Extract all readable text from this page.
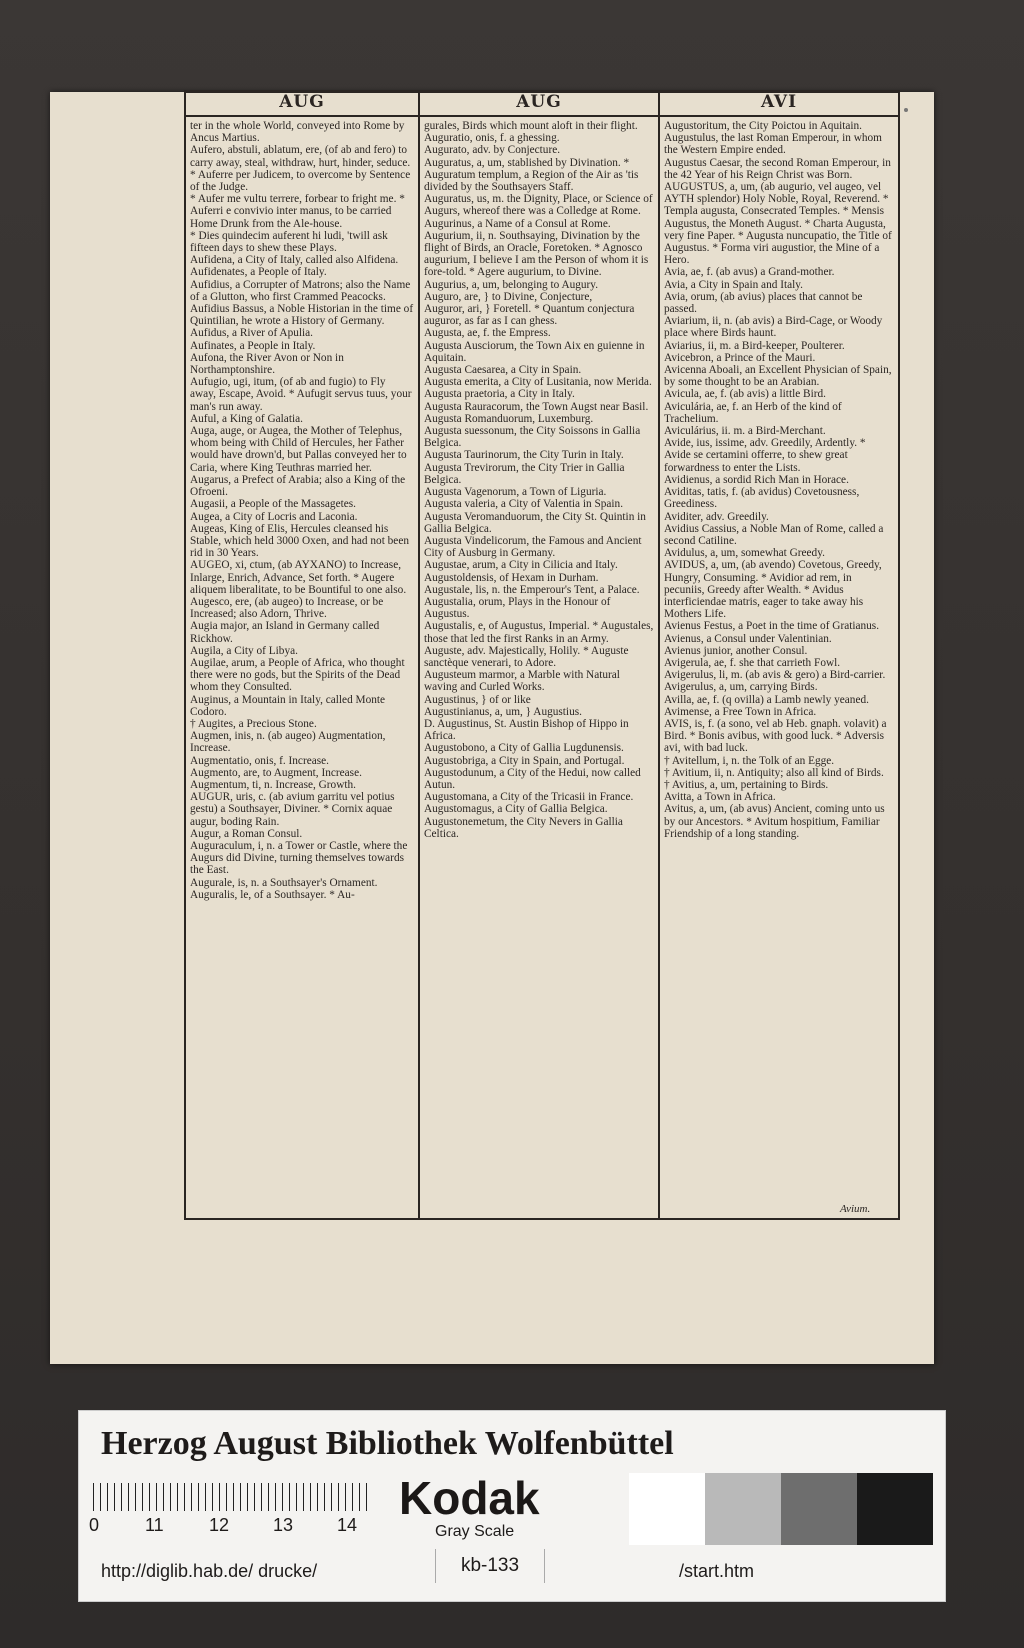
AUG	AUG	AVI

ter in the whole World, conveyed into Rome by Ancus Martius.

Aufero, abstuli, ablatum, ere, (of ab and fero) to carry away, steal, withdraw, hurt, hinder, seduce.

* Auferre per Judicem, to overcome by Sentence of the Judge.

* Aufer me vultu terrere, forbear to fright me. * Auferri e convivio inter manus, to be carried Home Drunk from the Ale-house.

* Dies quindecim auferent hi ludi, 'twill ask fifteen days to shew these Plays.

Aufidena, a City of Italy, called also Alfidena.

Aufidenates, a People of Italy.

Aufidius, a Corrupter of Matrons; also the Name of a Glutton, who first Crammed Peacocks.

Aufidius Bassus, a Noble Historian in the time of Quintilian, he wrote a History of Germany.

Aufidus, a River of Apulia.

Aufinates, a People in Italy.

Aufona, the River Avon or Non in Northamptonshire.

Aufugio, ugi, itum, (of ab and fugio) to Fly away, Escape, Avoid. * Aufugit servus tuus, your man's run away.

Auful, a King of Galatia.

Auga, auge, or Augea, the Mother of Telephus, whom being with Child of Hercules, her Father would have drown'd, but Pallas conveyed her to Caria, where King Teuthras married her.

Augarus, a Prefect of Arabia; also a King of the Ofroeni.

Augasii, a People of the Massagetes.

Augea, a City of Locris and Laconia.

Augeas, King of Elis, Hercules cleansed his Stable, which held 3000 Oxen, and had not been rid in 30 Years.

AUGEO, xi, ctum, (ab AYXANO) to Increase, Inlarge, Enrich, Advance, Set forth. * Augere aliquem liberalitate, to be Bountiful to one also.

Augesco, ere, (ab augeo) to Increase, or be Increased; also Adorn, Thrive.

Augia major, an Island in Germany called Rickhow.

Augila, a City of Libya.

Augilae, arum, a People of Africa, who thought there were no gods, but the Spirits of the Dead whom they Consulted.

Auginus, a Mountain in Italy, called Monte Codoro.

† Augites, a Precious Stone.

Augmen, inis, n. (ab augeo) Augmentation, Increase.

Augmentatio, onis, f. Increase.

Augmento, are, to Augment, Increase.

Augmentum, ti, n. Increase, Growth.

AUGUR, uris, c. (ab avium garritu vel potius gestu) a Southsayer, Diviner. * Cornix aquae augur, boding Rain.

Augur, a Roman Consul.

Auguraculum, i, n. a Tower or Castle, where the Augurs did Divine, turning themselves towards the East.

Augurale, is, n. a Southsayer's Ornament.

Auguralis, le, of a Southsayer. * Au-

gurales, Birds which mount aloft in their flight.

Auguratio, onis, f. a ghessing.

Augurato, adv. by Conjecture.

Auguratus, a, um, stablished by Divination. * Auguratum templum, a Region of the Air as 'tis divided by the Southsayers Staff.

Auguratus, us, m. the Dignity, Place, or Science of Augurs, whereof there was a Colledge at Rome.

Augurinus, a Name of a Consul at Rome.

Augurium, ii, n. Southsaying, Divination by the flight of Birds, an Oracle, Foretoken. * Agnosco augurium, I believe I am the Person of whom it is fore-told. * Agere augurium, to Divine.

Augurius, a, um, belonging to Augury.

Auguro, are, } to Divine, Conjecture,

Auguror, ari, } Foretell. * Quantum conjectura auguror, as far as I can ghess.

Augusta, ae, f. the Empress.

Augusta Ausciorum, the Town Aix en guienne in Aquitain.

Augusta Caesarea, a City in Spain.

Augusta emerita, a City of Lusitania, now Merida.

Augusta praetoria, a City in Italy.

Augusta Rauracorum, the Town Augst near Basil.

Augusta Romanduorum, Luxemburg.

Augusta suessonum, the City Soissons in Gallia Belgica.

Augusta Taurinorum, the City Turin in Italy.

Augusta Trevirorum, the City Trier in Gallia Belgica.

Augusta Vagenorum, a Town of Liguria.

Augusta valeria, a City of Valentia in Spain.

Augusta Veromanduorum, the City St. Quintin in Gallia Belgica.

Augusta Vindelicorum, the Famous and Ancient City of Ausburg in Germany.

Augustae, arum, a City in Cilicia and Italy.

Augustoldensis, of Hexam in Durham.

Augustale, lis, n. the Emperour's Tent, a Palace.

Augustalia, orum, Plays in the Honour of Augustus.

Augustalis, e, of Augustus, Imperial. * Augustales, those that led the first Ranks in an Army.

Auguste, adv. Majestically, Holily. * Auguste sanctèque venerari, to Adore.

Augusteum marmor, a Marble with Natural waving and Curled Works.

Augustinus, } of or like

Augustinianus, a, um, } Augustius.

D. Augustinus, St. Austin Bishop of Hippo in Africa.

Augustobono, a City of Gallia Lugdunensis.

Augustobriga, a City in Spain, and Portugal.

Augustodunum, a City of the Hedui, now called Autun.

Augustomana, a City of the Tricasii in France.

Augustomagus, a City of Gallia Belgica.

Augustonemetum, the City Nevers in Gallia Celtica.

Augustoritum, the City Poictou in Aquitain.

Augustulus, the last Roman Emperour, in whom the Western Empire ended.

Augustus Caesar, the second Roman Emperour, in the 42 Year of his Reign Christ was Born.

AUGUSTUS, a, um, (ab augurio, vel augeo, vel AYTH splendor) Holy Noble, Royal, Reverend. * Templa augusta, Consecrated Temples. * Mensis Augustus, the Moneth August. * Charta Augusta, very fine Paper. * Augusta nuncupatio, the Title of Augustus. * Forma viri augustior, the Mine of a Hero.

Avia, ae, f. (ab avus) a Grand-mother.

Avia, a City in Spain and Italy.

Avia, orum, (ab avius) places that cannot be passed.

Aviarium, ii, n. (ab avis) a Bird-Cage, or Woody place where Birds haunt.

Aviarius, ii, m. a Bird-keeper, Poulterer.

Avicebron, a Prince of the Mauri.

Avicenna Aboali, an Excellent Physician of Spain, by some thought to be an Arabian.

Avicula, ae, f. (ab avis) a little Bird.

Aviculária, ae, f. an Herb of the kind of Trachelium.

Aviculárius, ii. m. a Bird-Merchant.

Avide, ius, issime, adv. Greedily, Ardently. * Avide se certamini offerre, to shew great forwardness to enter the Lists.

Avidienus, a sordid Rich Man in Horace.

Aviditas, tatis, f. (ab avidus) Covetousness, Greediness.

Aviditer, adv. Greedily.

Avidius Cassius, a Noble Man of Rome, called a second Catiline.

Avidulus, a, um, somewhat Greedy.

AVIDUS, a, um, (ab avendo) Covetous, Greedy, Hungry, Consuming. * Avidior ad rem, in pecuniis, Greedy after Wealth. * Avidus interficiendae matris, eager to take away his Mothers Life.

Avienus Festus, a Poet in the time of Gratianus.

Avienus, a Consul under Valentinian.

Avienus junior, another Consul.

Avigerula, ae, f. she that carrieth Fowl.

Avigerulus, li, m. (ab avis & gero) a Bird-carrier.

Avigerulus, a, um, carrying Birds.

Avilla, ae, f. (q ovilla) a Lamb newly yeaned.

Avimense, a Free Town in Africa.

AVIS, is, f. (a sono, vel ab Heb. gnaph. volavit) a Bird. * Bonis avibus, with good luck. * Adversis avi, with bad luck.

† Avitellum, i, n. the Tolk of an Egge.

† Avitium, ii, n. Antiquity; also all kind of Birds.

† Avitius, a, um, pertaining to Birds.

Avitta, a Town in Africa.

Avitus, a, um, (ab avus) Ancient, coming unto us by our Ancestors. * Avitum hospitium, Familiar Friendship of a long standing.

Avium.
Herzog August Bibliothek Wolfenbüttel
0	11	12 13 14
Kodak
Gray Scale
http://diglib.hab.de/ drucke/	kb-133	/start.htm
